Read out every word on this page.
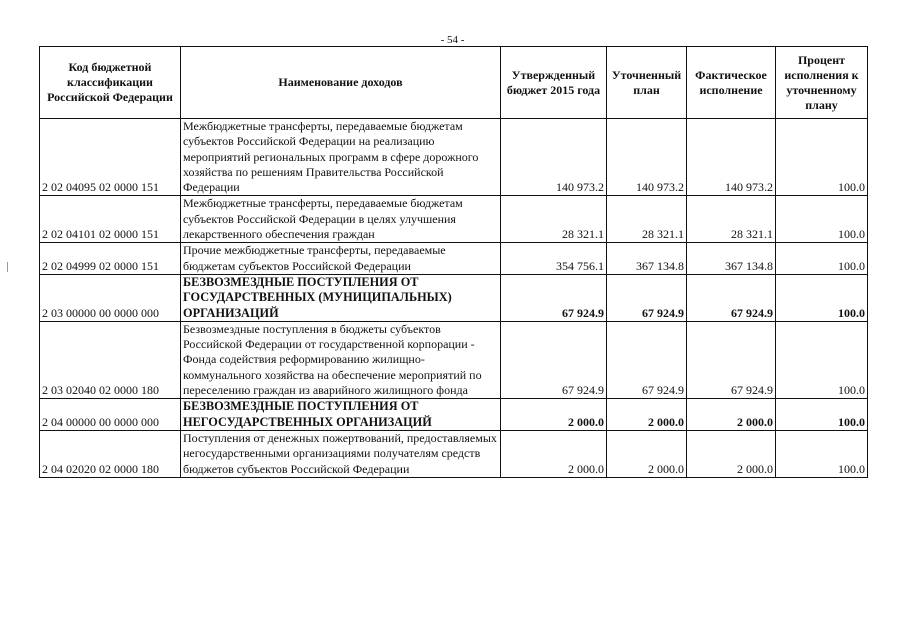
- 54 -
Код бюджетной классификации Российской Федерации	Наименование доходов	Утвержденный бюджет 2015 года	Уточненный план	Фактическое исполнение	Процент исполнения к уточненному плану
2 02 04095 02 0000 151	Межбюджетные трансферты, передаваемые бюджетам субъектов Российской Федерации на реализацию мероприятий региональных программ в сфере дорожного хозяйства по решениям Правительства Российской Федерации	140 973.2	140 973.2	140 973.2	100.0
2 02 04101 02 0000 151	Межбюджетные трансферты, передаваемые бюджетам субъектов Российской Федерации в целях улучшения лекарственного обеспечения граждан	28 321.1	28 321.1	28 321.1	100.0
2 02 04999 02 0000 151	Прочие межбюджетные трансферты, передаваемые бюджетам субъектов Российской Федерации	354 756.1	367 134.8	367 134.8	100.0
2 03 00000 00 0000 000	БЕЗВОЗМЕЗДНЫЕ ПОСТУПЛЕНИЯ ОТ ГОСУДАРСТВЕННЫХ (МУНИЦИПАЛЬНЫХ) ОРГАНИЗАЦИЙ	67 924.9	67 924.9	67 924.9	100.0
2 03 02040 02 0000 180	Безвозмездные поступления в бюджеты субъектов Российской Федерации от государственной корпорации - Фонда содействия реформированию жилищно-коммунального хозяйства на обеспечение мероприятий по переселению граждан из аварийного жилищного фонда	67 924.9	67 924.9	67 924.9	100.0
2 04 00000 00 0000 000	БЕЗВОЗМЕЗДНЫЕ ПОСТУПЛЕНИЯ ОТ НЕГОСУДАРСТВЕННЫХ ОРГАНИЗАЦИЙ	2 000.0	2 000.0	2 000.0	100.0
2 04 02020 02 0000 180	Поступления от денежных пожертвований, предоставляемых негосударственными организациями получателям средств бюджетов субъектов Российской Федерации	2 000.0	2 000.0	2 000.0	100.0
